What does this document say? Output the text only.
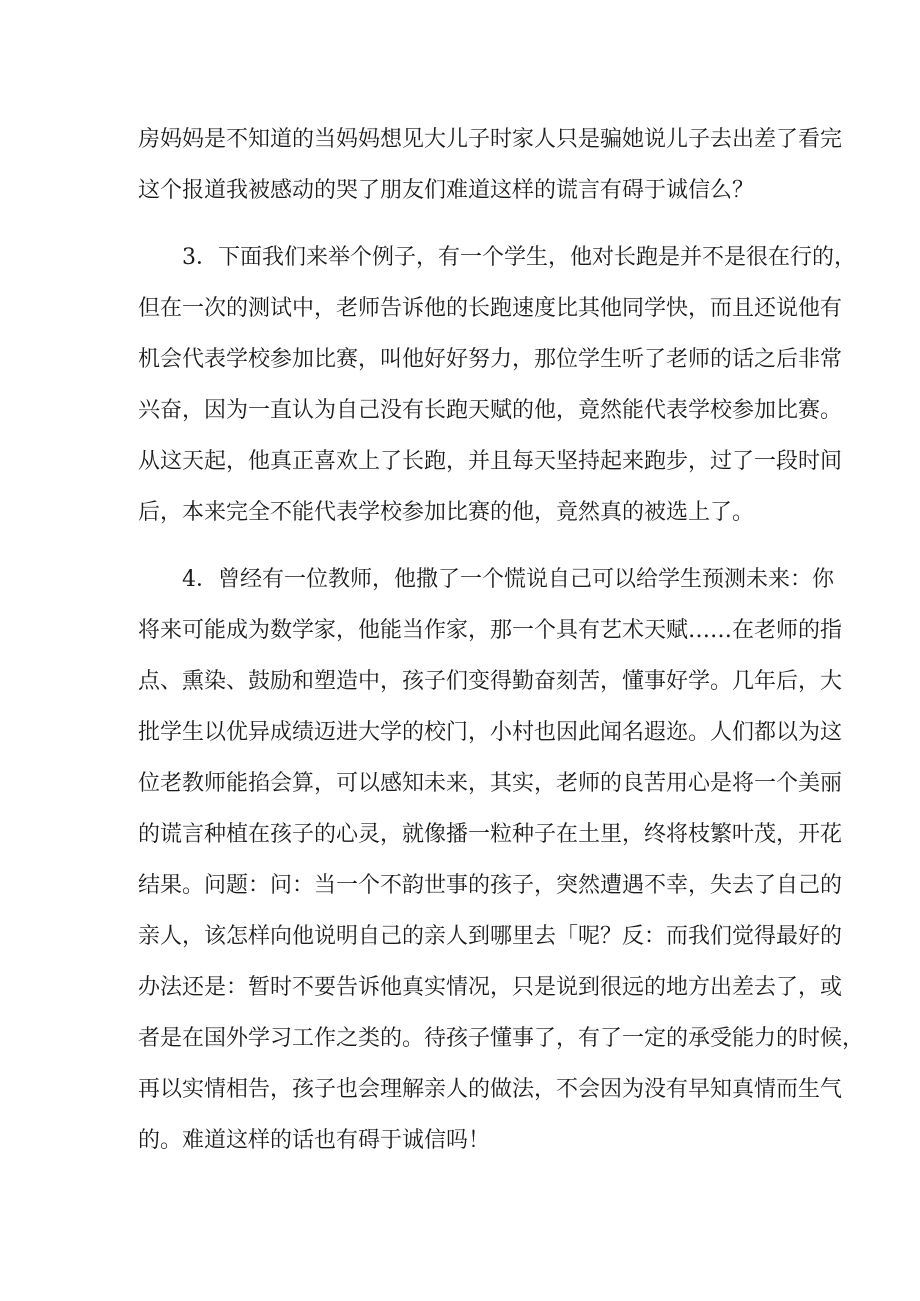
房妈妈是不知道的当妈妈想见大儿子时家人只是骗她说儿子去出差了看完
这个报道我被感动的哭了朋友们难道这样的谎言有碍于诚信么？
3．下面我们来举个例子，有一个学生，他对长跑是并不是很在行的，
但在一次的测试中，老师告诉他的长跑速度比其他同学快，而且还说他有
机会代表学校参加比赛，叫他好好努力，那位学生听了老师的话之后非常
兴奋，因为一直认为自己没有长跑天赋的他，竟然能代表学校参加比赛。
从这天起，他真正喜欢上了长跑，并且每天坚持起来跑步，过了一段时间
后，本来完全不能代表学校参加比赛的他，竟然真的被选上了。
4．曾经有一位教师，他撒了一个慌说自己可以给学生预测未来：你
将来可能成为数学家，他能当作家，那一个具有艺术天赋……在老师的指
点、熏染、鼓励和塑造中，孩子们变得勤奋刻苦，懂事好学。几年后，大
批学生以优异成绩迈进大学的校门，小村也因此闻名遐迩。人们都以为这
位老教师能掐会算，可以感知未来，其实，老师的良苦用心是将一个美丽
的谎言种植在孩子的心灵，就像播一粒种子在土里，终将枝繁叶茂，开花
结果。问题：问：当一个不韵世事的孩子，突然遭遇不幸，失去了自己的
亲人，该怎样向他说明自己的亲人到哪里去「呢？反：而我们觉得最好的
办法还是：暂时不要告诉他真实情况，只是说到很远的地方出差去了，或
者是在国外学习工作之类的。待孩子懂事了，有了一定的承受能力的时候，
再以实情相告，孩子也会理解亲人的做法，不会因为没有早知真情而生气
的。难道这样的话也有碍于诚信吗！
